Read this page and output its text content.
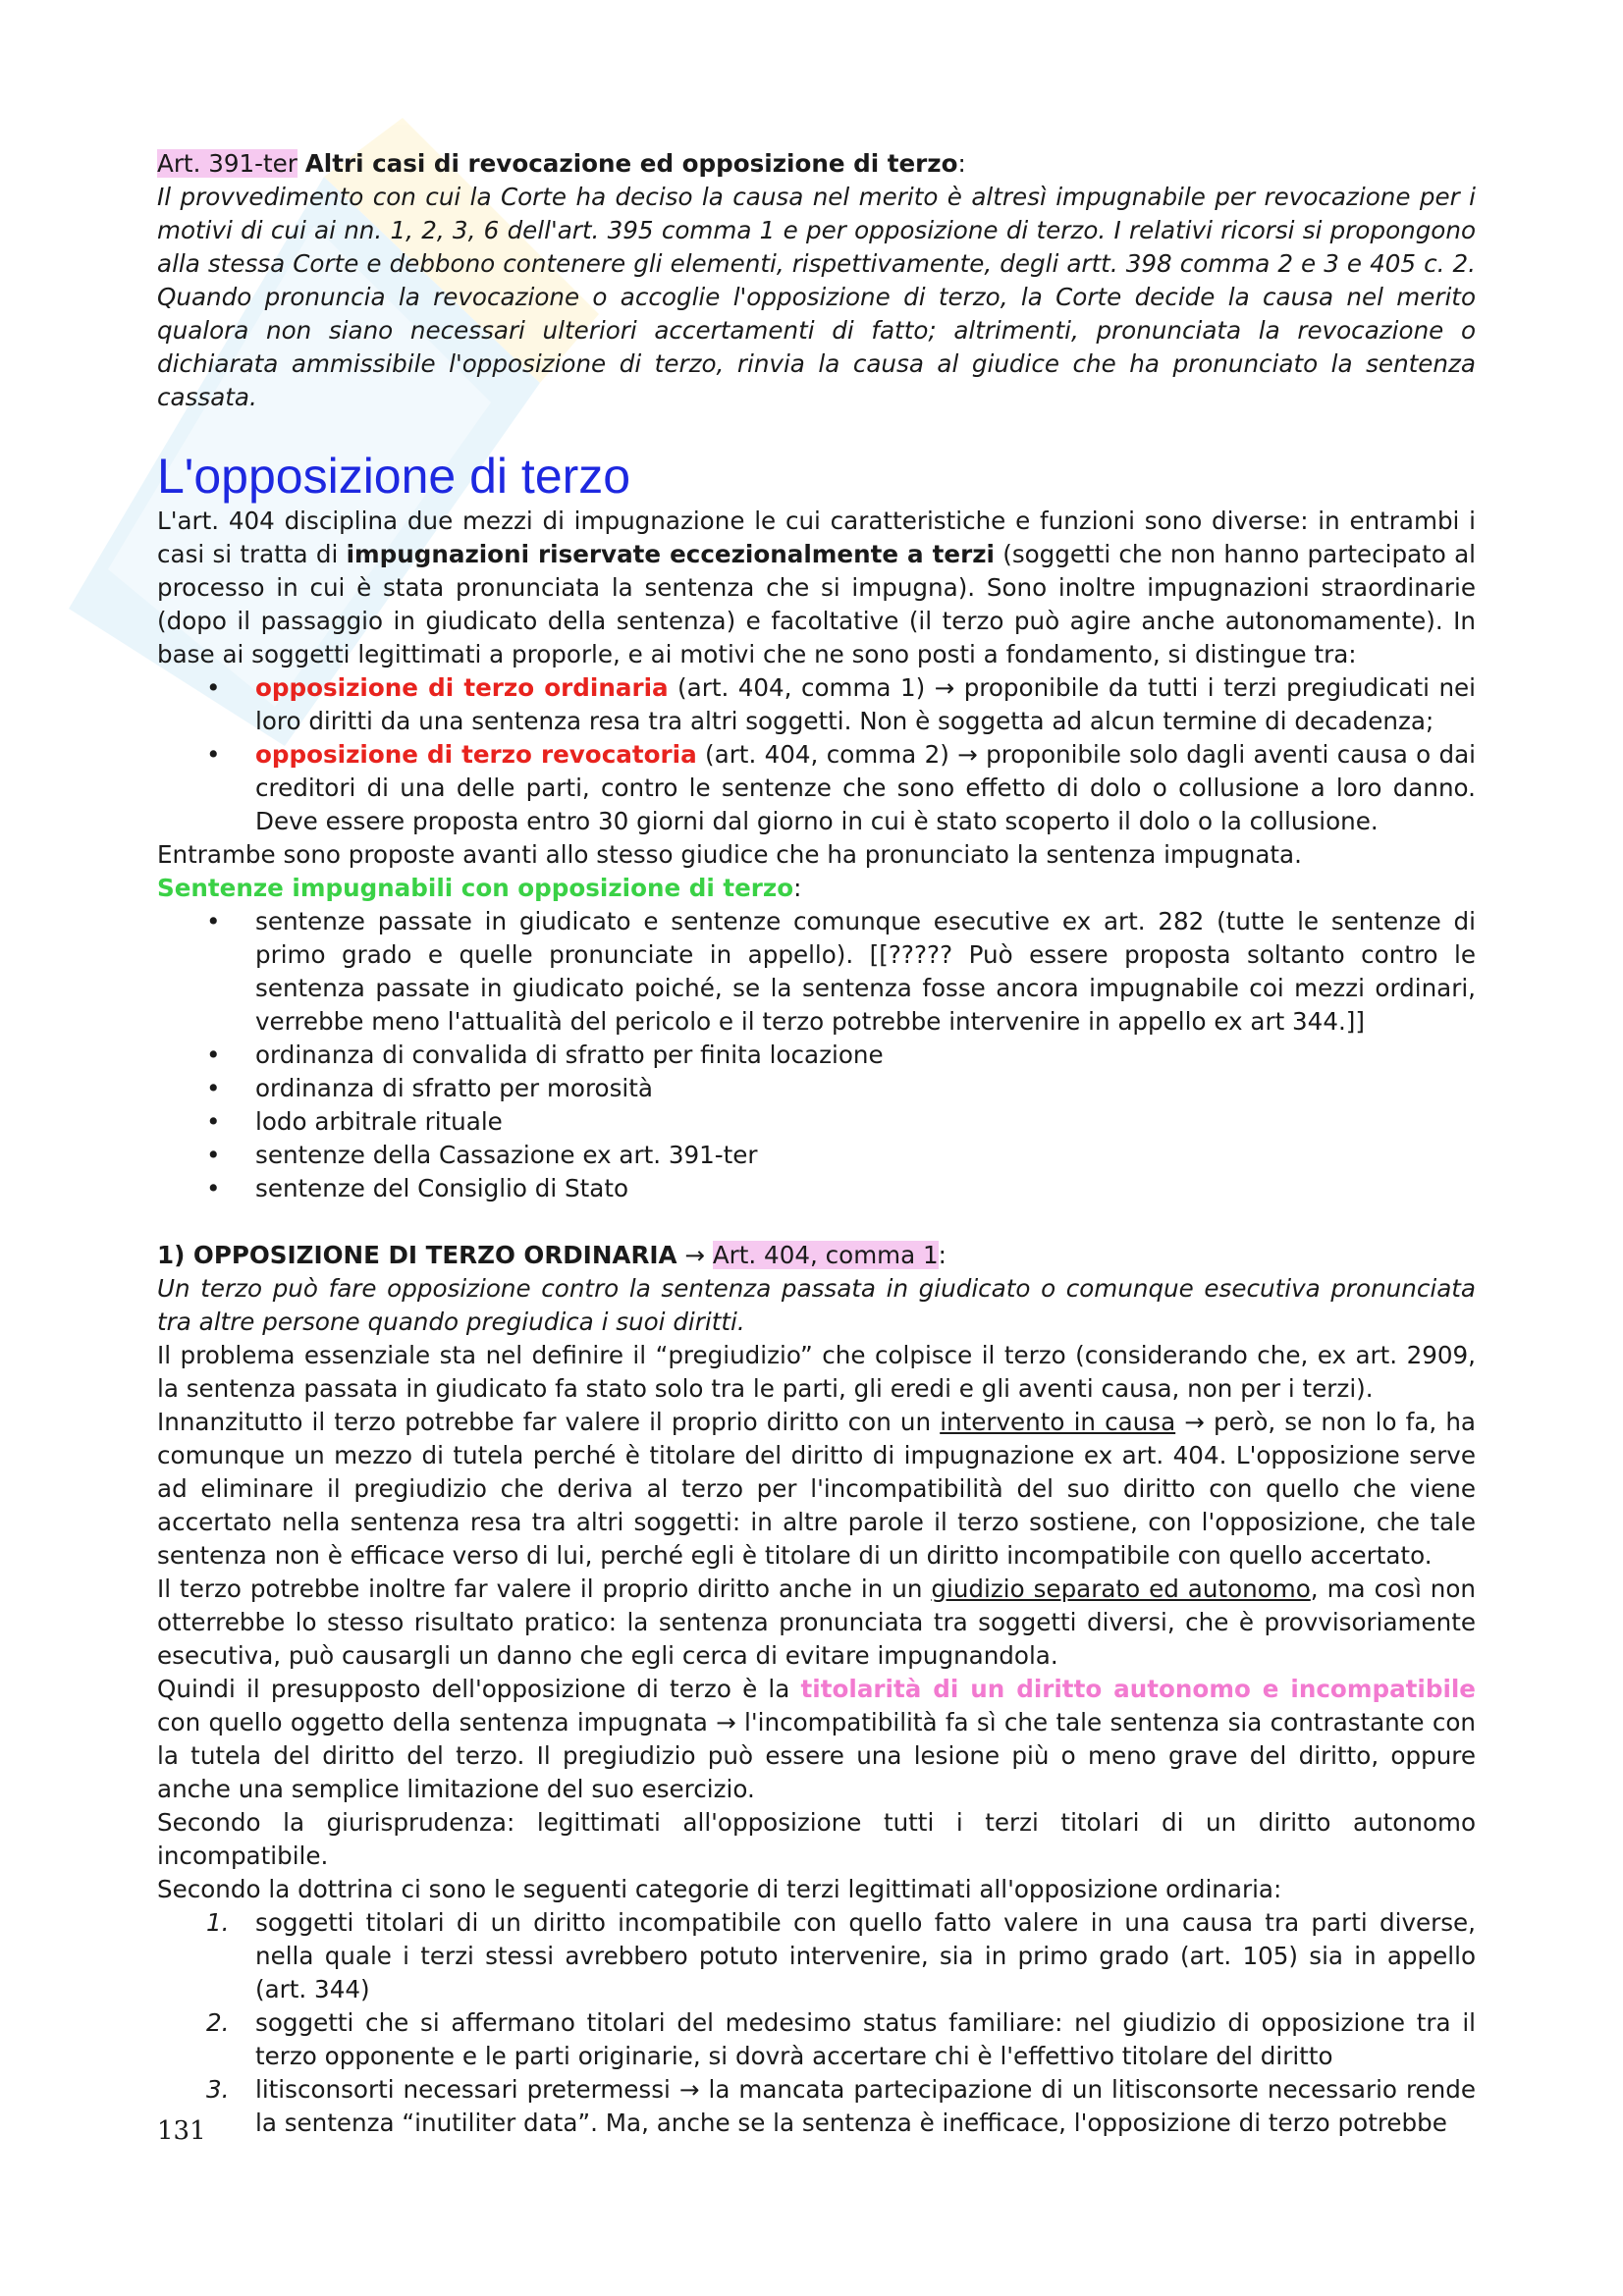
Art. 391-ter Altri casi di revocazione ed opposizione di terzo:

Il provvedimento con cui la Corte ha deciso la causa nel merito è altresì impugnabile per revocazione per i motivi di cui ai nn. 1, 2, 3, 6 dell'art. 395 comma 1 e per opposizione di terzo. I relativi ricorsi si propongono alla stessa Corte e debbono contenere gli elementi, rispettivamente, degli artt. 398 comma 2 e 3 e 405 c. 2. Quando pronuncia la revocazione o accoglie l'opposizione di terzo, la Corte decide la causa nel merito qualora non siano necessari ulteriori accertamenti di fatto; altrimenti, pronunciata la revocazione o dichiarata ammissibile l'opposizione di terzo, rinvia la causa al giudice che ha pronunciato la sentenza cassata.

L'opposizione di terzo

L'art. 404 disciplina due mezzi di impugnazione le cui caratteristiche e funzioni sono diverse: in entrambi i casi si tratta di impugnazioni riservate eccezionalmente a terzi (soggetti che non hanno partecipato al processo in cui è stata pronunciata la sentenza che si impugna). Sono inoltre impugnazioni straordinarie (dopo il passaggio in giudicato della sentenza) e facoltative (il terzo può agire anche autonomamente). In base ai soggetti legittimati a proporle, e ai motivi che ne sono posti a fondamento, si distingue tra:

• opposizione di terzo ordinaria (art. 404, comma 1) → proponibile da tutti i terzi pregiudicati nei loro diritti da una sentenza resa tra altri soggetti. Non è soggetta ad alcun termine di decadenza;
• opposizione di terzo revocatoria (art. 404, comma 2) → proponibile solo dagli aventi causa o dai creditori di una delle parti, contro le sentenze che sono effetto di dolo o collusione a loro danno. Deve essere proposta entro 30 giorni dal giorno in cui è stato scoperto il dolo o la collusione.

Entrambe sono proposte avanti allo stesso giudice che ha pronunciato la sentenza impugnata.

Sentenze impugnabili con opposizione di terzo:

• sentenze passate in giudicato e sentenze comunque esecutive ex art. 282 (tutte le sentenze di primo grado e quelle pronunciate in appello). [[????? Può essere proposta soltanto contro le sentenza passate in giudicato poiché, se la sentenza fosse ancora impugnabile coi mezzi ordinari, verrebbe meno l'attualità del pericolo e il terzo potrebbe intervenire in appello ex art 344.]]
• ordinanza di convalida di sfratto per finita locazione
• ordinanza di sfratto per morosità
• lodo arbitrale rituale
• sentenze della Cassazione ex art. 391-ter
• sentenze del Consiglio di Stato

1) OPPOSIZIONE DI TERZO ORDINARIA → Art. 404, comma 1:

Un terzo può fare opposizione contro la sentenza passata in giudicato o comunque esecutiva pronunciata tra altre persone quando pregiudica i suoi diritti.

Il problema essenziale sta nel definire il “pregiudizio” che colpisce il terzo (considerando che, ex art. 2909, la sentenza passata in giudicato fa stato solo tra le parti, gli eredi e gli aventi causa, non per i terzi).

Innanzitutto il terzo potrebbe far valere il proprio diritto con un intervento in causa → però, se non lo fa, ha comunque un mezzo di tutela perché è titolare del diritto di impugnazione ex art. 404. L'opposizione serve ad eliminare il pregiudizio che deriva al terzo per l'incompatibilità del suo diritto con quello che viene accertato nella sentenza resa tra altri soggetti: in altre parole il terzo sostiene, con l'opposizione, che tale sentenza non è efficace verso di lui, perché egli è titolare di un diritto incompatibile con quello accertato.

Il terzo potrebbe inoltre far valere il proprio diritto anche in un giudizio separato ed autonomo, ma così non otterrebbe lo stesso risultato pratico: la sentenza pronunciata tra soggetti diversi, che è provvisoriamente esecutiva, può causargli un danno che egli cerca di evitare impugnandola.

Quindi il presupposto dell'opposizione di terzo è la titolarità di un diritto autonomo e incompatibile con quello oggetto della sentenza impugnata → l'incompatibilità fa sì che tale sentenza sia contrastante con la tutela del diritto del terzo. Il pregiudizio può essere una lesione più o meno grave del diritto, oppure anche una semplice limitazione del suo esercizio.

Secondo la giurisprudenza: legittimati all'opposizione tutti i terzi titolari di un diritto autonomo incompatibile.

Secondo la dottrina ci sono le seguenti categorie di terzi legittimati all'opposizione ordinaria:

1. soggetti titolari di un diritto incompatibile con quello fatto valere in una causa tra parti diverse, nella quale i terzi stessi avrebbero potuto intervenire, sia in primo grado (art. 105) sia in appello (art. 344)
2. soggetti che si affermano titolari del medesimo status familiare: nel giudizio di opposizione tra il terzo opponente e le parti originarie, si dovrà accertare chi è l'effettivo titolare del diritto
3. litisconsorti necessari pretermessi → la mancata partecipazione di un litisconsorte necessario rende la sentenza “inutiliter data”. Ma, anche se la sentenza è inefficace, l'opposizione di terzo potrebbe
131
